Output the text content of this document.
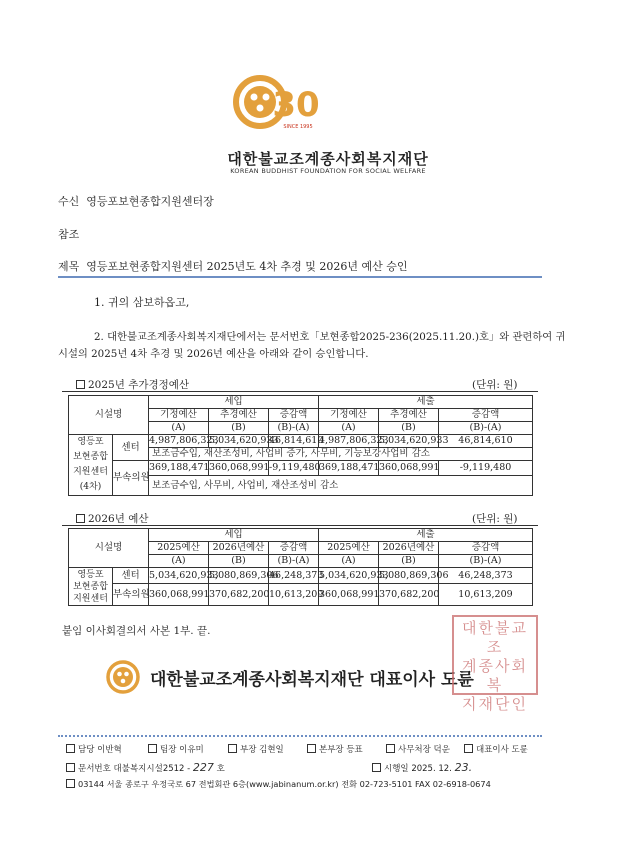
30
SINCE 1995
대한불교조계종사회복지재단
KOREAN BUDDHIST FOUNDATION FOR SOCIAL WELFARE
수신 영등포보현종합지원센터장
참조
제목 영등포보현종합지원센터 2025년도 4차 추경 및 2026년 예산 승인
1. 귀의 삼보하옵고,
2. 대한불교조계종사회복지재단에서는 문서번호「보현종합2025-236(2025.11.20.)호」와 관련하여 귀
시설의 2025년 4차 추경 및 2026년 예산을 아래와 같이 승인합니다.
2025년 추가경정예산	(단위: 원)
시설명		세입			세출		
		기정예산	추경예산	증감액	기정예산	추경예산	증감액
		(A)	(B)	(B)-(A)	(A)	(B)	(B)-(A)

영등포
보현종합
지원센터
(4차)	센터	4,987,806,323	5,034,620,933	46,814,610	4,987,806,323	5,034,620,933	46,814,610
		보조금수입, 재산조성비, 사업비 증가, 사무비, 기능보강사업비 감소					
	부속의원	369,188,471	360,068,991	-9,119,480	369,188,471	360,068,991	-9,119,480
		보조금수입, 사무비, 사업비, 재산조성비 감소					
2026년 예산	(단위: 원)
시설명		세입			세출		
		2025예산	2026년예산	증감액	2025예산	2026년예산	증감액
		(A)	(B)	(B)-(A)	(A)	(B)	(B)-(A)

영등포
보현종합
지원센터	센터	5,034,620,933	5,080,869,306	46,248,373	5,034,620,933	5,080,869,306	46,248,373
	부속의원	360,068,991	370,682,200	10,613,209	360,068,991	370,682,200	10,613,209
붙임 이사회결의서 사본 1부. 끝.
대한불교조계종사회복지재단 대표이사 도륜
대한불교조
계종사회복
지재단인
담당 이반혁	팀장 이유미	부장 김현일	본부장 등표	사무처장 덕운	대표이사 도륜
문서번호 대불복지시설2512 - 227 호	시행일 2025. 12. 23.
03144 서울 종로구 우정국로 67 전법회관 6층(www.jabinanum.or.kr) 전화 02-723-5101 FAX 02-6918-0674
